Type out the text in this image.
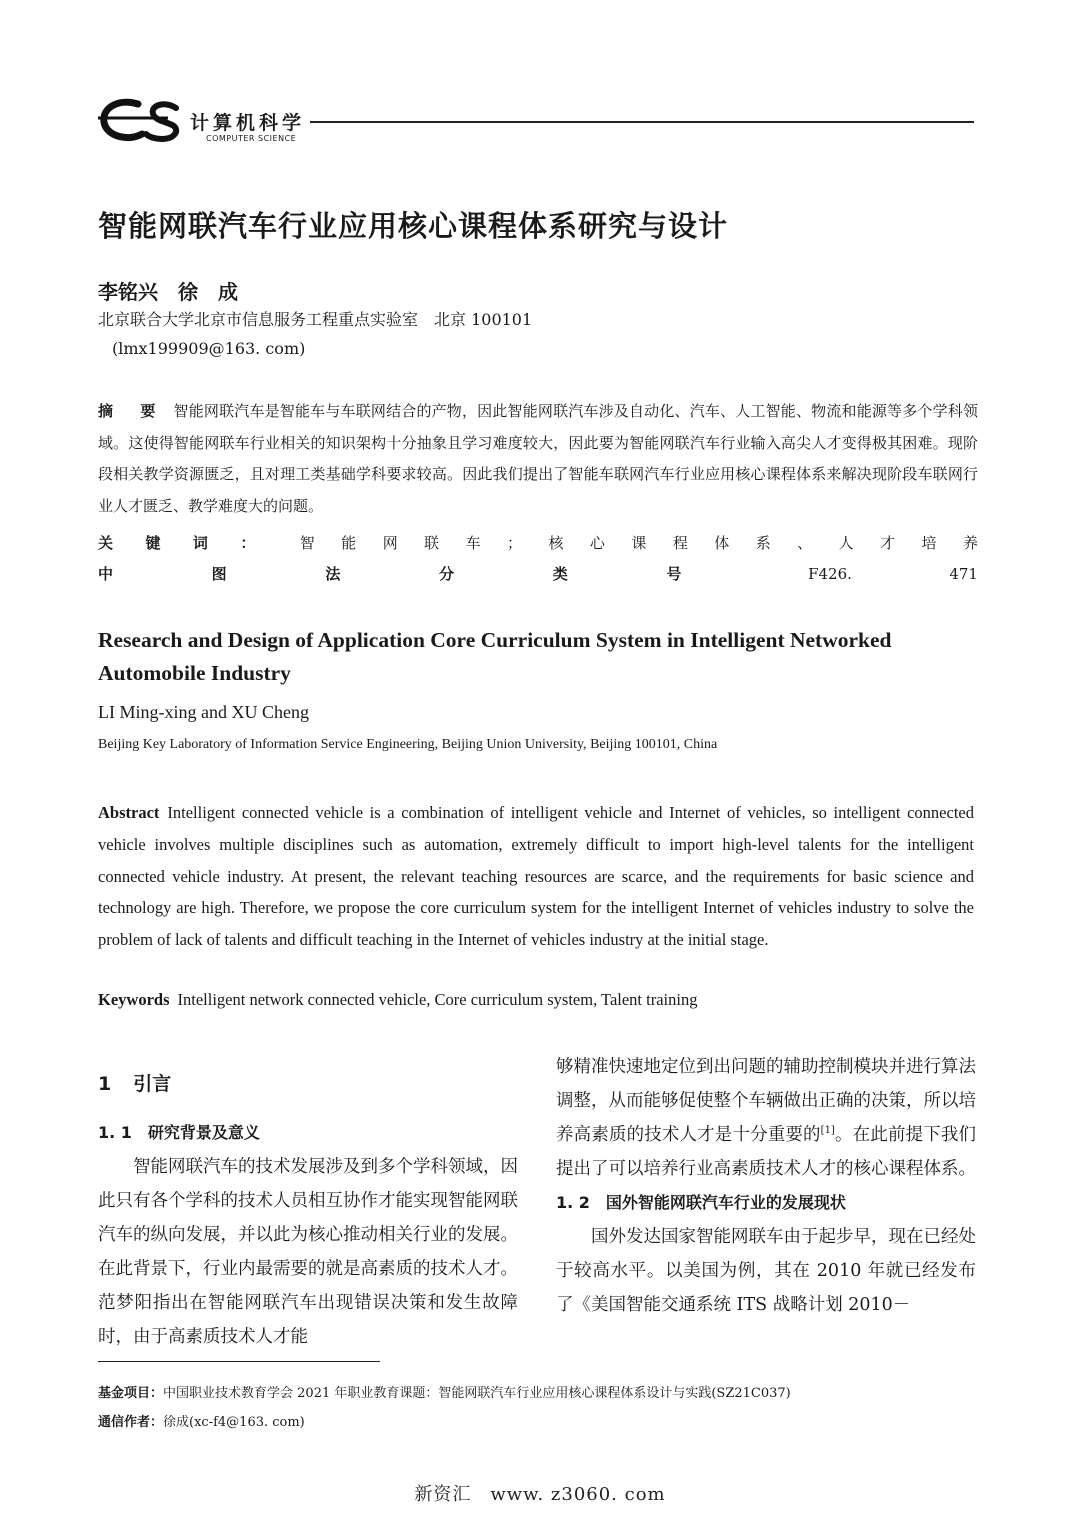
CS
计算机科学
COMPUTER SCIENCE
智能网联汽车行业应用核心课程体系研究与设计
李铭兴　徐　成
北京联合大学北京市信息服务工程重点实验室　北京 100101
(lmx199909@163. com)
摘　要 智能网联汽车是智能车与车联网结合的产物，因此智能网联汽车涉及自动化、汽车、人工智能、物流和能源等多个学科领域。这使得智能网联车行业相关的知识架构十分抽象且学习难度较大，因此要为智能网联汽车行业输入高尖人才变得极其困难。现阶段相关教学资源匮乏，且对理工类基础学科要求较高。因此我们提出了智能车联网汽车行业应用核心课程体系来解决现阶段车联网行业人才匮乏、教学难度大的问题。
关键词： 智能网联车；核心课程体系、人才培养
中图法分类号 F426. 471
Research and Design of Application Core Curriculum System in Intelligent Networked Automobile Industry
LI Ming-xing and XU Cheng
Beijing Key Laboratory of Information Service Engineering, Beijing Union University, Beijing 100101, China
Abstract Intelligent connected vehicle is a combination of intelligent vehicle and Internet of vehicles, so intelligent connected vehicle involves multiple disciplines such as automation, extremely difficult to import high-level talents for the intelligent connected vehicle industry. At present, the relevant teaching resources are scarce, and the requirements for basic science and technology are high. Therefore, we propose the core curriculum system for the intelligent Internet of vehicles industry to solve the problem of lack of talents and difficult teaching in the Internet of vehicles industry at the initial stage.
Keywords Intelligent network connected vehicle, Core curriculum system, Talent training
1 引言
1. 1 研究背景及意义

智能网联汽车的技术发展涉及到多个学科领域，因此只有各个学科的技术人员相互协作才能实现智能网联汽车的纵向发展，并以此为核心推动相关行业的发展。在此背景下，行业内最需要的就是高素质的技术人才。范梦阳指出在智能网联汽车出现错误决策和发生故障时，由于高素质技术人才能

够精准快速地定位到出问题的辅助控制模块并进行算法调整，从而能够促使整个车辆做出正确的决策，所以培养高素质的技术人才是十分重要的[1]。在此前提下我们提出了可以培养行业高素质技术人才的核心课程体系。

1. 2 国外智能网联汽车行业的发展现状

国外发达国家智能网联车由于起步早，现在已经处于较高水平。以美国为例，其在 2010 年就已经发布了《美国智能交通系统 ITS 战略计划 2010－

基金项目：中国职业技术教育学会 2021 年职业教育课题：智能网联汽车行业应用核心课程体系设计与实践(SZ21C037)
通信作者：徐成(xc-f4@163. com)
新资汇　www. z3060. com
